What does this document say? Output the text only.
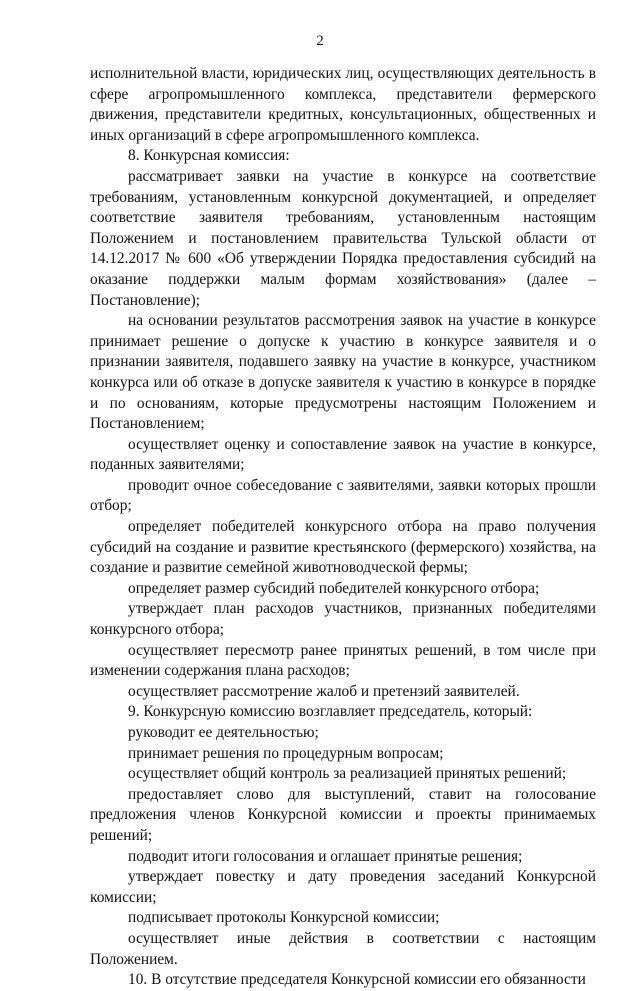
2

исполнительной власти, юридических лиц, осуществляющих деятельность в сфере агропромышленного комплекса, представители фермерского движения, представители кредитных, консультационных, общественных и иных организаций в сфере агропромышленного комплекса.

8. Конкурсная комиссия:

рассматривает заявки на участие в конкурсе на соответствие требованиям, установленным конкурсной документацией, и определяет соответствие заявителя требованиям, установленным настоящим Положением и постановлением правительства Тульской области от 14.12.2017 № 600 «Об утверждении Порядка предоставления субсидий на оказание поддержки малым формам хозяйствования» (далее – Постановление);

на основании результатов рассмотрения заявок на участие в конкурсе принимает решение о допуске к участию в конкурсе заявителя и о признании заявителя, подавшего заявку на участие в конкурсе, участником конкурса или об отказе в допуске заявителя к участию в конкурсе в порядке и по основаниям, которые предусмотрены настоящим Положением и Постановлением;

осуществляет оценку и сопоставление заявок на участие в конкурсе, поданных заявителями;

проводит очное собеседование с заявителями, заявки которых прошли отбор;

определяет победителей конкурсного отбора на право получения субсидий на создание и развитие крестьянского (фермерского) хозяйства, на создание и развитие семейной животноводческой фермы;

определяет размер субсидий победителей конкурсного отбора;

утверждает план расходов участников, признанных победителями конкурсного отбора;

осуществляет пересмотр ранее принятых решений, в том числе при изменении содержания плана расходов;

осуществляет рассмотрение жалоб и претензий заявителей.

9. Конкурсную комиссию возглавляет председатель, который:

руководит ее деятельностью;

принимает решения по процедурным вопросам;

осуществляет общий контроль за реализацией принятых решений;

предоставляет слово для выступлений, ставит на голосование предложения членов Конкурсной комиссии и проекты принимаемых решений;

подводит итоги голосования и оглашает принятые решения;

утверждает повестку и дату проведения заседаний Конкурсной комиссии;

подписывает протоколы Конкурсной комиссии;

осуществляет иные действия в соответствии с настоящим Положением.

10. В отсутствие председателя Конкурсной комиссии его обязанности
